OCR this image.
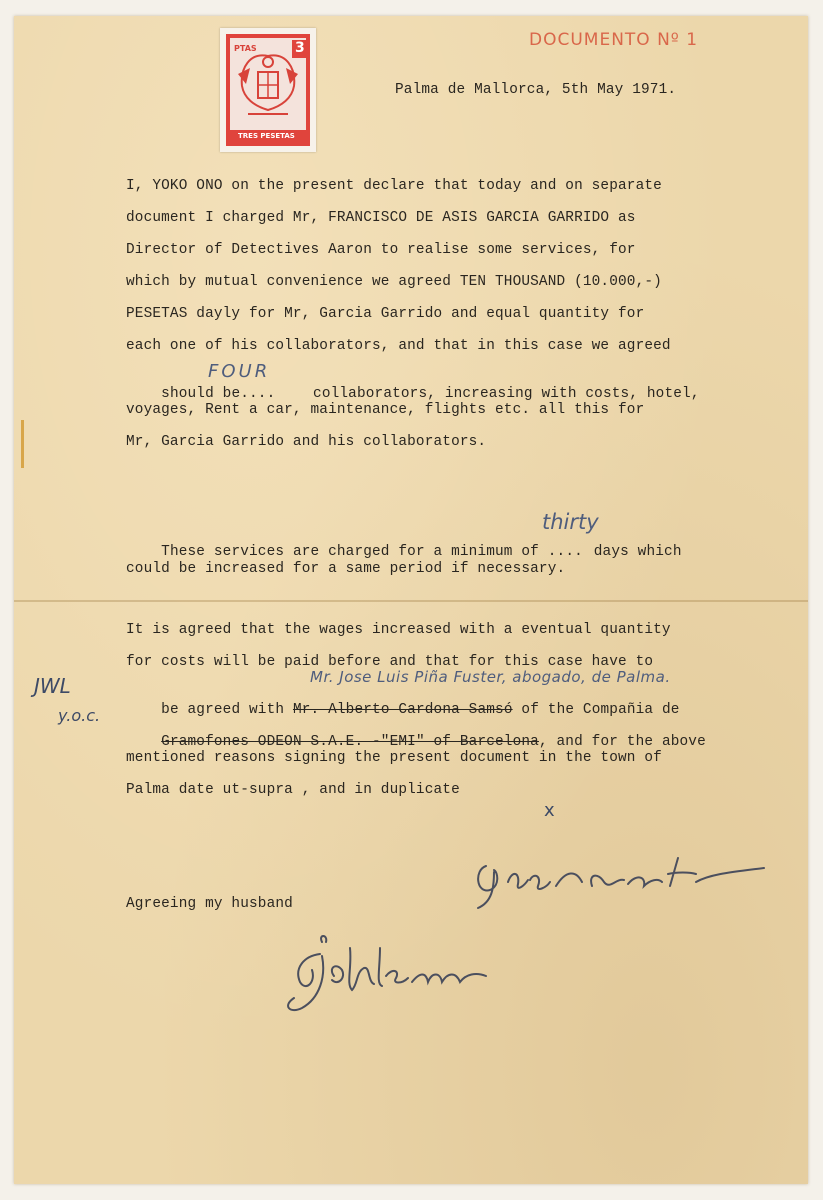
PTAS	3
TRES PESETAS
DOCUMENTO Nº 1
Palma de Mallorca, 5th May 1971.
I, YOKO ONO on the present declare that today and on separate
document I charged Mr, FRANCISCO DE ASIS GARCIA GARRIDO as
Director of Detectives Aaron to realise some services, for
which by mutual convenience we agreed TEN THOUSAND (10.000,-)
PESETAS dayly for Mr, Garcia Garrido and equal quantity for
each one of his collaborators, and that in this case we agreed

should be....	collaborators, increasing with costs, hotel,

FOUR
voyages, Rent a car, maintenance, flights etc. all this for
Mr, Garcia Garrido and his collaborators.

These services are charged for a minimum of .... days which

thirty
could be increased for a same period if necessary.
It is agreed that the wages increased with a eventual quantity
for costs will be paid before and that for this case have to
Mr. Jose Luis Piña Fuster, abogado, de Palma.

be agreed with Mr. Alberto Cardona Samsó of the Compañia de

Gramofones ODEON S.A.E. -"EMI" of Barcelona, and for the above

mentioned reasons signing the present document in the town of
Palma date ut-supra , and in duplicate
JWL
y.o.c.
x
Agreeing my husband
